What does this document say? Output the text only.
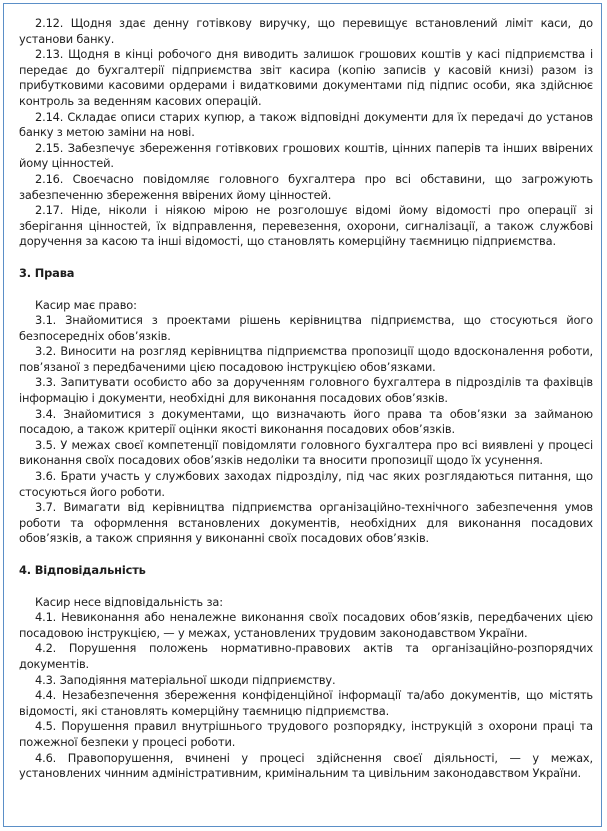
2.12. Щодня здає денну готівкову виручку, що перевищує встановлений ліміт каси, до установи банку.

2.13. Щодня в кінці робочого дня виводить залишок грошових коштів у касі підприємства і передає до бухгалтерії підприємства звіт касира (копію записів у касовій книзі) разом із прибутковими касовими ордерами і видатковими документами під підпис особи, яка здійснює контроль за веденням касових операцій.

2.14. Складає описи старих купюр, а також відповідні документи для їх передачі до установ банку з метою заміни на нові.

2.15. Забезпечує збереження готівкових грошових коштів, цінних паперів та інших ввірених йому цінностей.

2.16. Своєчасно повідомляє головного бухгалтера про всі обставини, що загрожують забезпеченню збереження ввірених йому цінностей.

2.17. Ніде, ніколи і ніякою мірою не розголошує відомі йому відомості про операції зі зберігання цінностей, їх відправлення, перевезення, охорони, сигналізації, а також службові доручення за касою та інші відомості, що становлять комерційну таємницю підприємства.

3. Права

Касир має право:

3.1. Знайомитися з проектами рішень керівництва підприємства, що стосуються його безпосередніх обов’язків.

3.2. Виносити на розгляд керівництва підприємства пропозиції щодо вдосконалення роботи, пов’язаної з передбаченими цією посадовою інструкцією обов’язками.

3.3. Запитувати особисто або за дорученням головного бухгалтера в підрозділів та фахівців інформацію і документи, необхідні для виконання посадових обов’язків.

3.4. Знайомитися з документами, що визначають його права та обов’язки за займаною посадою, а також критерії оцінки якості виконання посадових обов’язків.

3.5. У межах своєї компетенції повідомляти головного бухгалтера про всі виявлені у процесі виконання своїх посадових обов’язків недоліки та вносити пропозиції щодо їх усунення.

3.6. Брати участь у службових заходах підрозділу, під час яких розглядаються питання, що стосуються його роботи.

3.7. Вимагати від керівництва підприємства організаційно-технічного забезпечення умов роботи та оформлення встановлених документів, необхідних для виконання посадових обов’язків, а також сприяння у виконанні своїх посадових обов’язків.

4. Відповідальність

Касир несе відповідальність за:

4.1. Невиконання або неналежне виконання своїх посадових обов’язків, передбачених цією посадовою інструкцією, — у межах, установлених трудовим законодавством України.

4.2. Порушення положень нормативно-правових актів та організаційно-розпорядчих документів.

4.3. Заподіяння матеріальної шкоди підприємству.

4.4. Незабезпечення збереження конфіденційної інформації та/або документів, що містять відомості, які становлять комерційну таємницю підприємства.

4.5. Порушення правил внутрішнього трудового розпорядку, інструкцій з охорони праці та пожежної безпеки у процесі роботи.

4.6. Правопорушення, вчинені у процесі здійснення своєї діяльності, — у межах, установлених чинним адміністративним, кримінальним та цивільним законодавством України.
